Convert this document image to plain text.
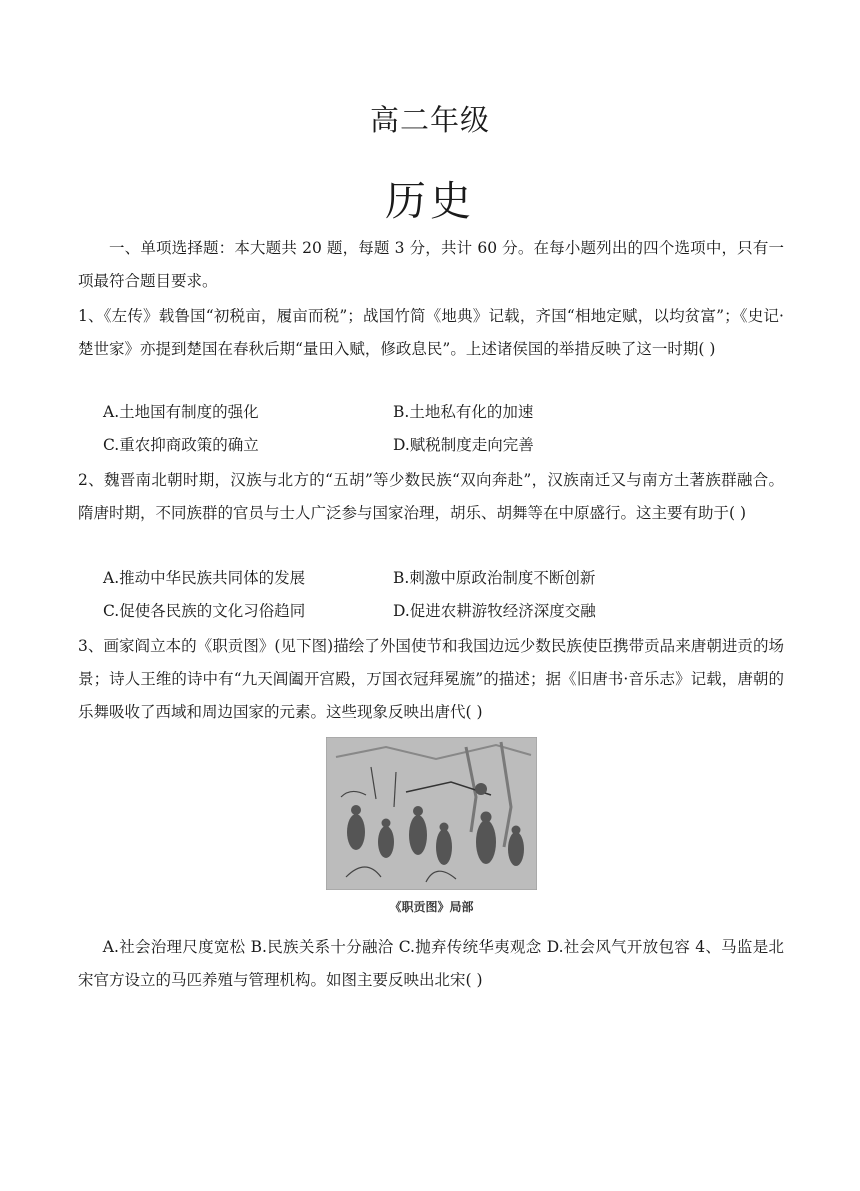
高二年级
历史
一、单项选择题：本大题共 20 题，每题 3 分，共计 60 分。在每小题列出的四个选项中，只有一项最符合题目要求。
1、《左传》载鲁国“初税亩，履亩而税”；战国竹简《地典》记载，齐国“相地定赋，以均贫富”；《史记·楚世家》亦提到楚国在春秋后期“量田入赋，修政息民”。上述诸侯国的举措反映了这一时期( )
A.土地国有制度的强化	B.土地私有化的加速
C.重农抑商政策的确立	D.赋税制度走向完善
2、魏晋南北朝时期，汉族与北方的“五胡”等少数民族“双向奔赴”，汉族南迁又与南方土著族群融合。隋唐时期，不同族群的官员与士人广泛参与国家治理，胡乐、胡舞等在中原盛行。这主要有助于( )
A.推动中华民族共同体的发展	B.刺激中原政治制度不断创新
C.促使各民族的文化习俗趋同	D.促进农耕游牧经济深度交融
3、画家阎立本的《职贡图》(见下图)描绘了外国使节和我国边远少数民族使臣携带贡品来唐朝进贡的场景；诗人王维的诗中有“九天阊阖开宫殿，万国衣冠拜冕旒”的描述；据《旧唐书·音乐志》记载，唐朝的乐舞吸收了西域和周边国家的元素。这些现象反映出唐代( )
《职贡图》局部
A.社会治理尺度宽松 B.民族关系十分融洽 C.抛弃传统华夷观念 D.社会风气开放包容 4、马监是北宋官方设立的马匹养殖与管理机构。如图主要反映出北宋( )
